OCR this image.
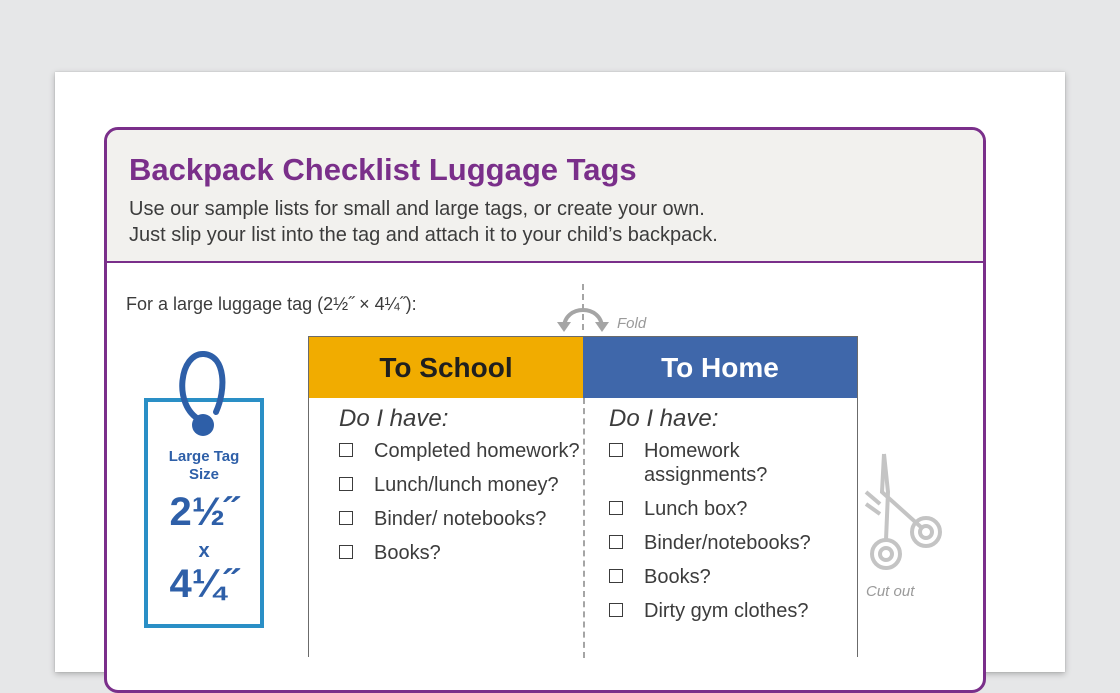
Backpack Checklist Luggage Tags
Use our sample lists for small and large tags, or create your own.
Just slip your list into the tag and attach it to your child’s backpack.
For a large luggage tag (2½˝ × 4¼˝):
Fold
Large Tag
Size
2½˝
x
4¼˝
To School	To Home
Do I have:
Completed homework?
Lunch/lunch money?
Binder/ notebooks?
Books?
Do I have:
Homework assignments?
Lunch box?
Binder/notebooks?
Books?
Dirty gym clothes?
Cut out
